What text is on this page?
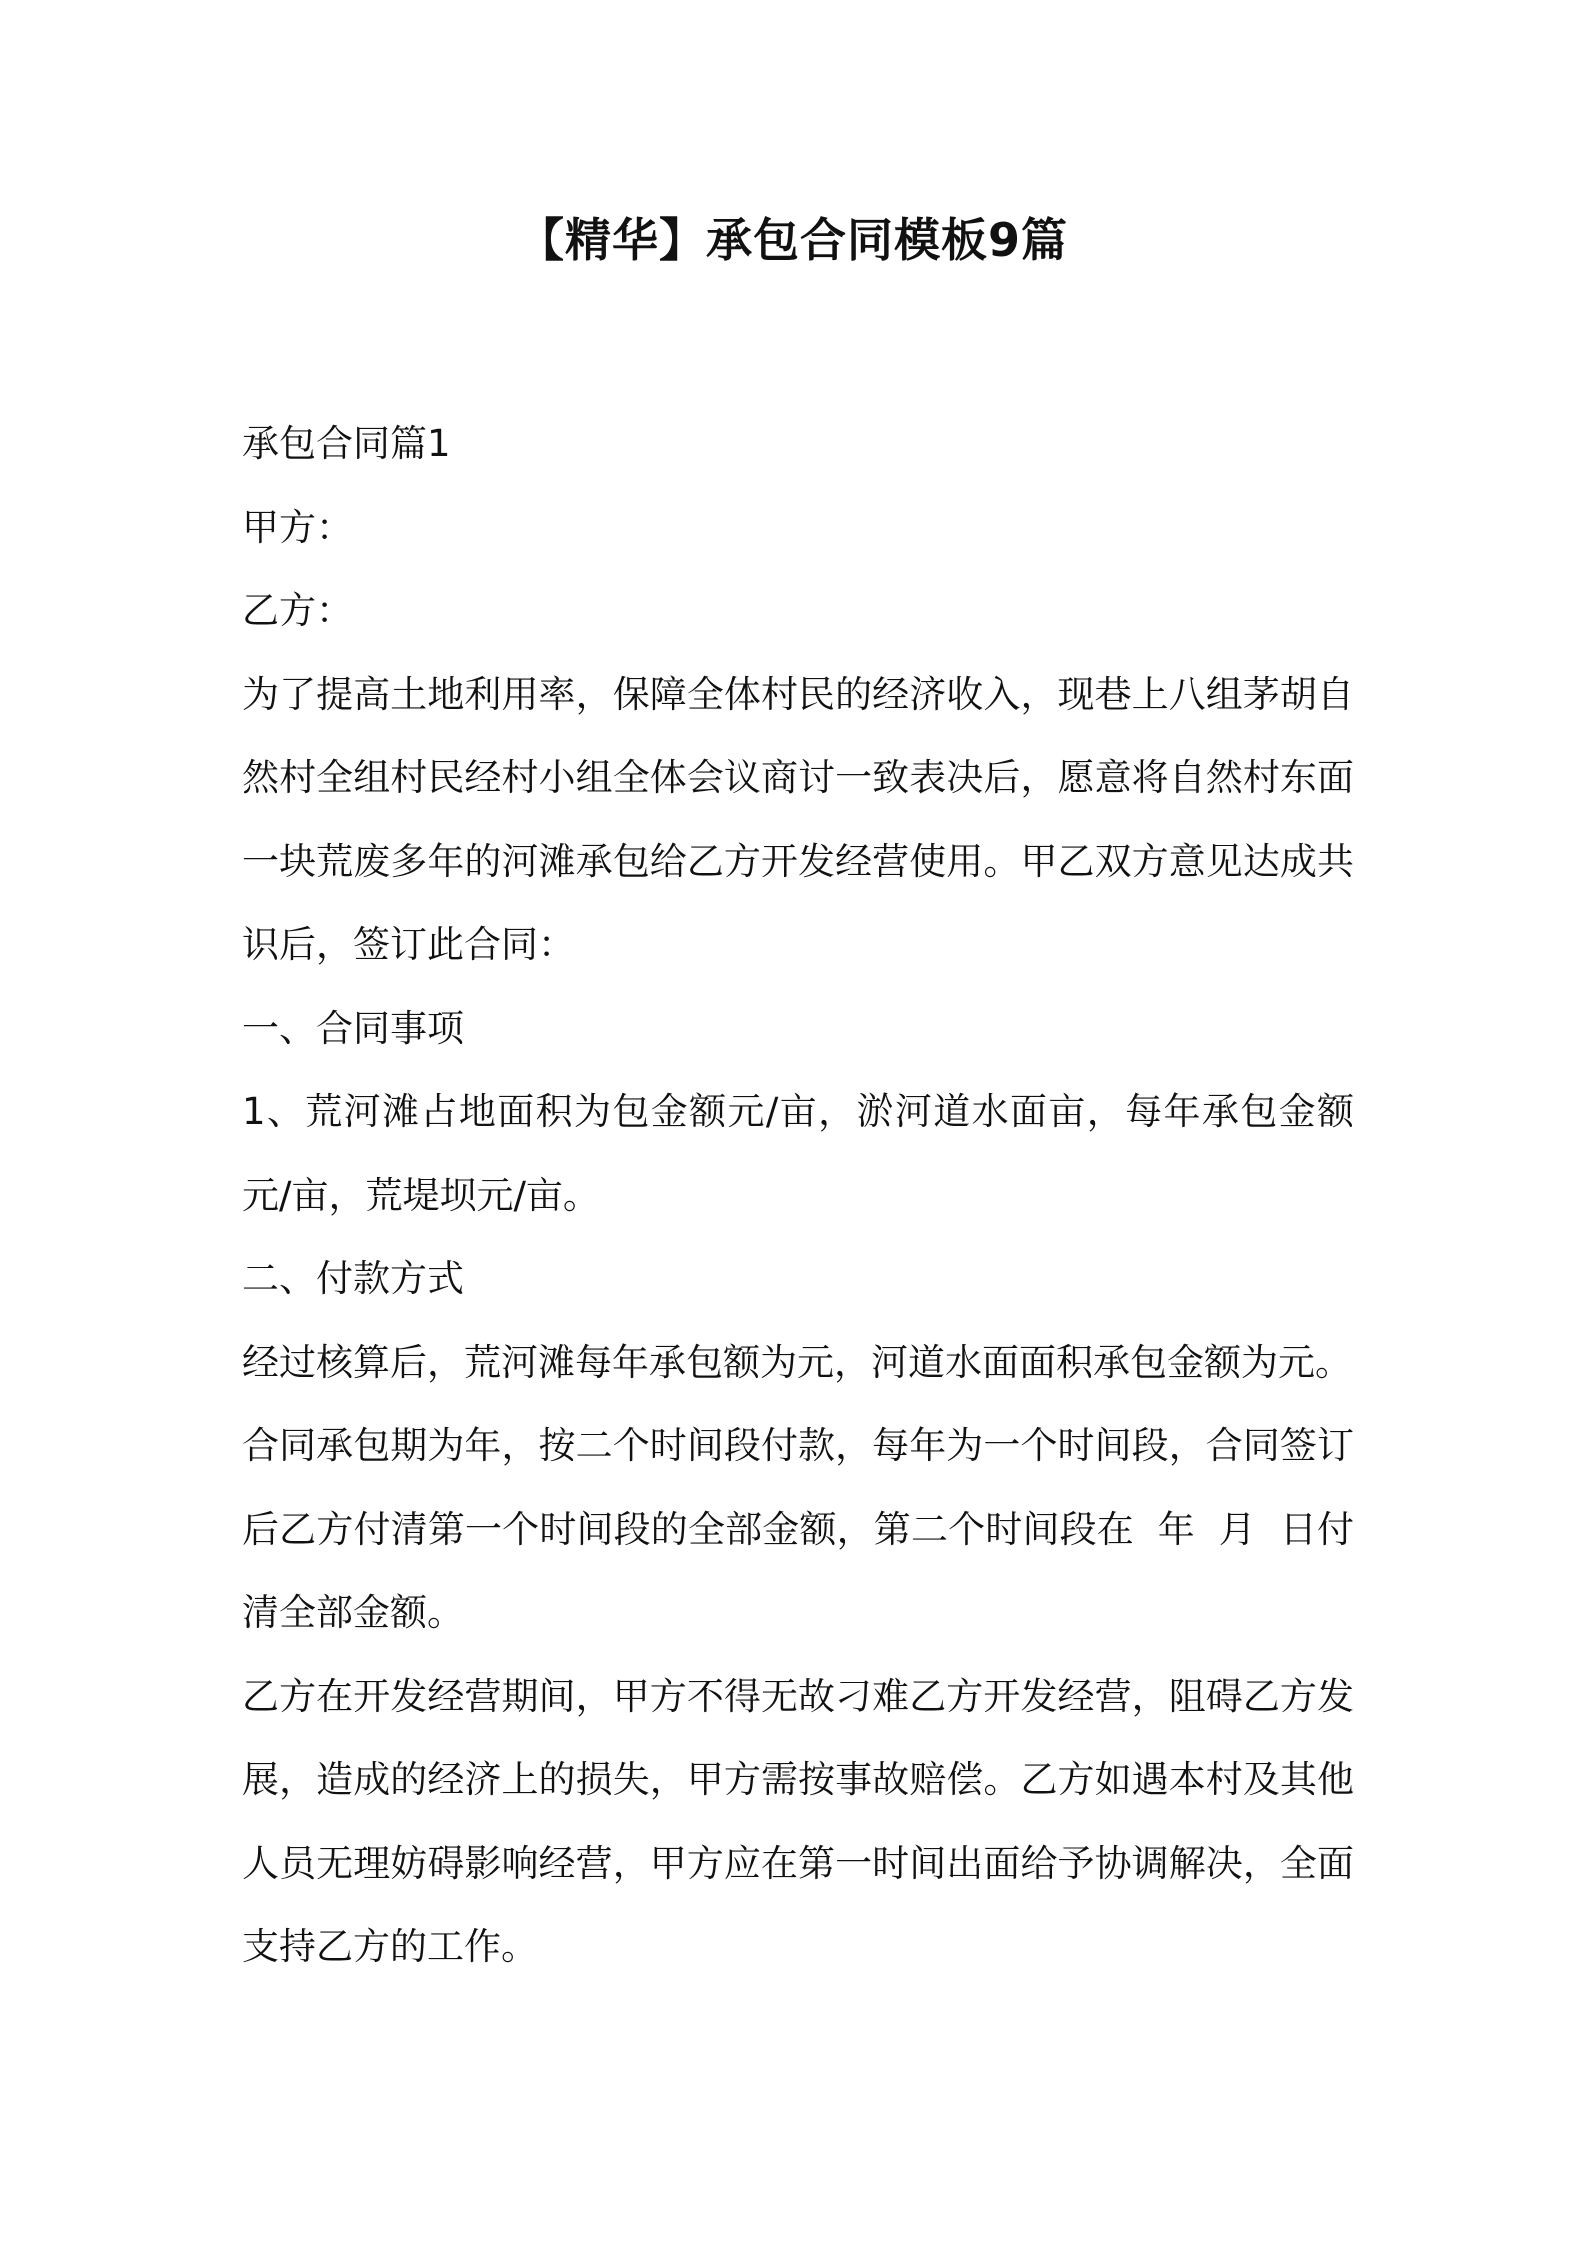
【精华】承包合同模板9篇

承包合同篇1

甲方：

乙方：

为了提高土地利用率，保障全体村民的经济收入，现巷上八组茅胡自然村全组村民经村小组全体会议商讨一致表决后，愿意将自然村东面一块荒废多年的河滩承包给乙方开发经营使用。甲乙双方意见达成共识后，签订此合同：

一、合同事项

1、荒河滩占地面积为包金额元/亩，淤河道水面亩，每年承包金额元/亩，荒堤坝元/亩。

二、付款方式

经过核算后，荒河滩每年承包额为元，河道水面面积承包金额为元。

合同承包期为年，按二个时间段付款，每年为一个时间段，合同签订后乙方付清第一个时间段的全部金额，第二个时间段在  年  月  日付清全部金额。

乙方在开发经营期间，甲方不得无故刁难乙方开发经营，阻碍乙方发展，造成的经济上的损失，甲方需按事故赔偿。乙方如遇本村及其他人员无理妨碍影响经营，甲方应在第一时间出面给予协调解决，全面支持乙方的工作。
